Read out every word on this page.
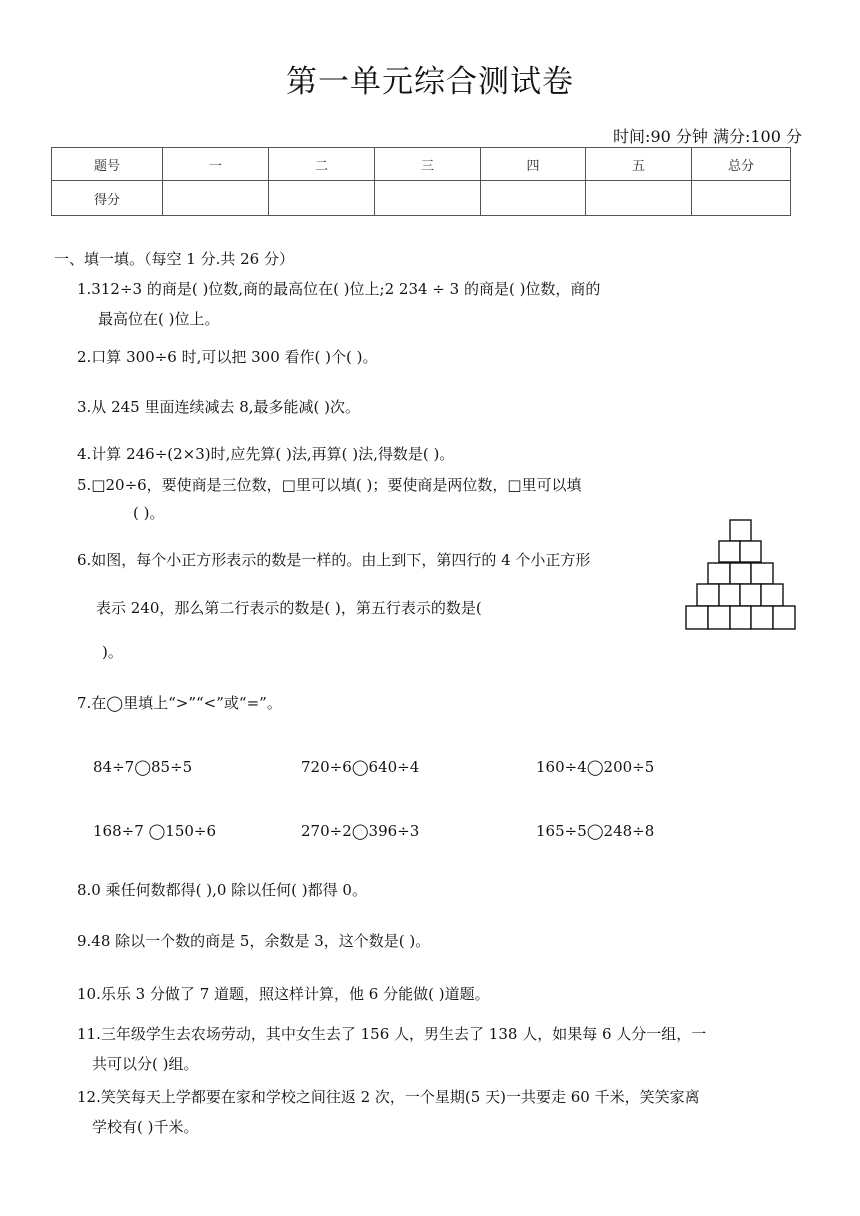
第一单元综合测试卷
时间:90 分钟 满分:100 分
题号	一	二	三	四	五	总分
得分						
一、填一填。（每空 1 分.共 26 分）
1.312÷3 的商是( )位数,商的最高位在( )位上;2 234 ÷ 3 的商是( )位数，商的
最高位在( )位上。
2.口算 300÷6 时,可以把 300 看作( )个( )。
3.从 245 里面连续减去 8,最多能减( )次。
4.计算 246÷(2×3)时,应先算( )法,再算( )法,得数是( )。
5.□20÷6，要使商是三位数，□里可以填( )；要使商是两位数，□里可以填
( )。
6.如图，每个小正方形表示的数是一样的。由上到下，第四行的 4 个小正方形
表示 240，那么第二行表示的数是( )，第五行表示的数是(
)。
7.在◯里填上“>”“<”或“=”。
84÷7◯85÷5	720÷6◯640÷4	160÷4◯200÷5
168÷7 ◯150÷6	270÷2◯396÷3	165÷5◯248÷8
8.0 乘任何数都得( ),0 除以任何( )都得 0。
9.48 除以一个数的商是 5，余数是 3，这个数是( )。
10.乐乐 3 分做了 7 道题，照这样计算，他 6 分能做( )道题。
11.三年级学生去农场劳动，其中女生去了 156 人，男生去了 138 人，如果每 6 人分一组，一
共可以分( )组。
12.笑笑每天上学都要在家和学校之间往返 2 次，一个星期(5 天)一共要走 60 千米，笑笑家离
学校有( )千米。
